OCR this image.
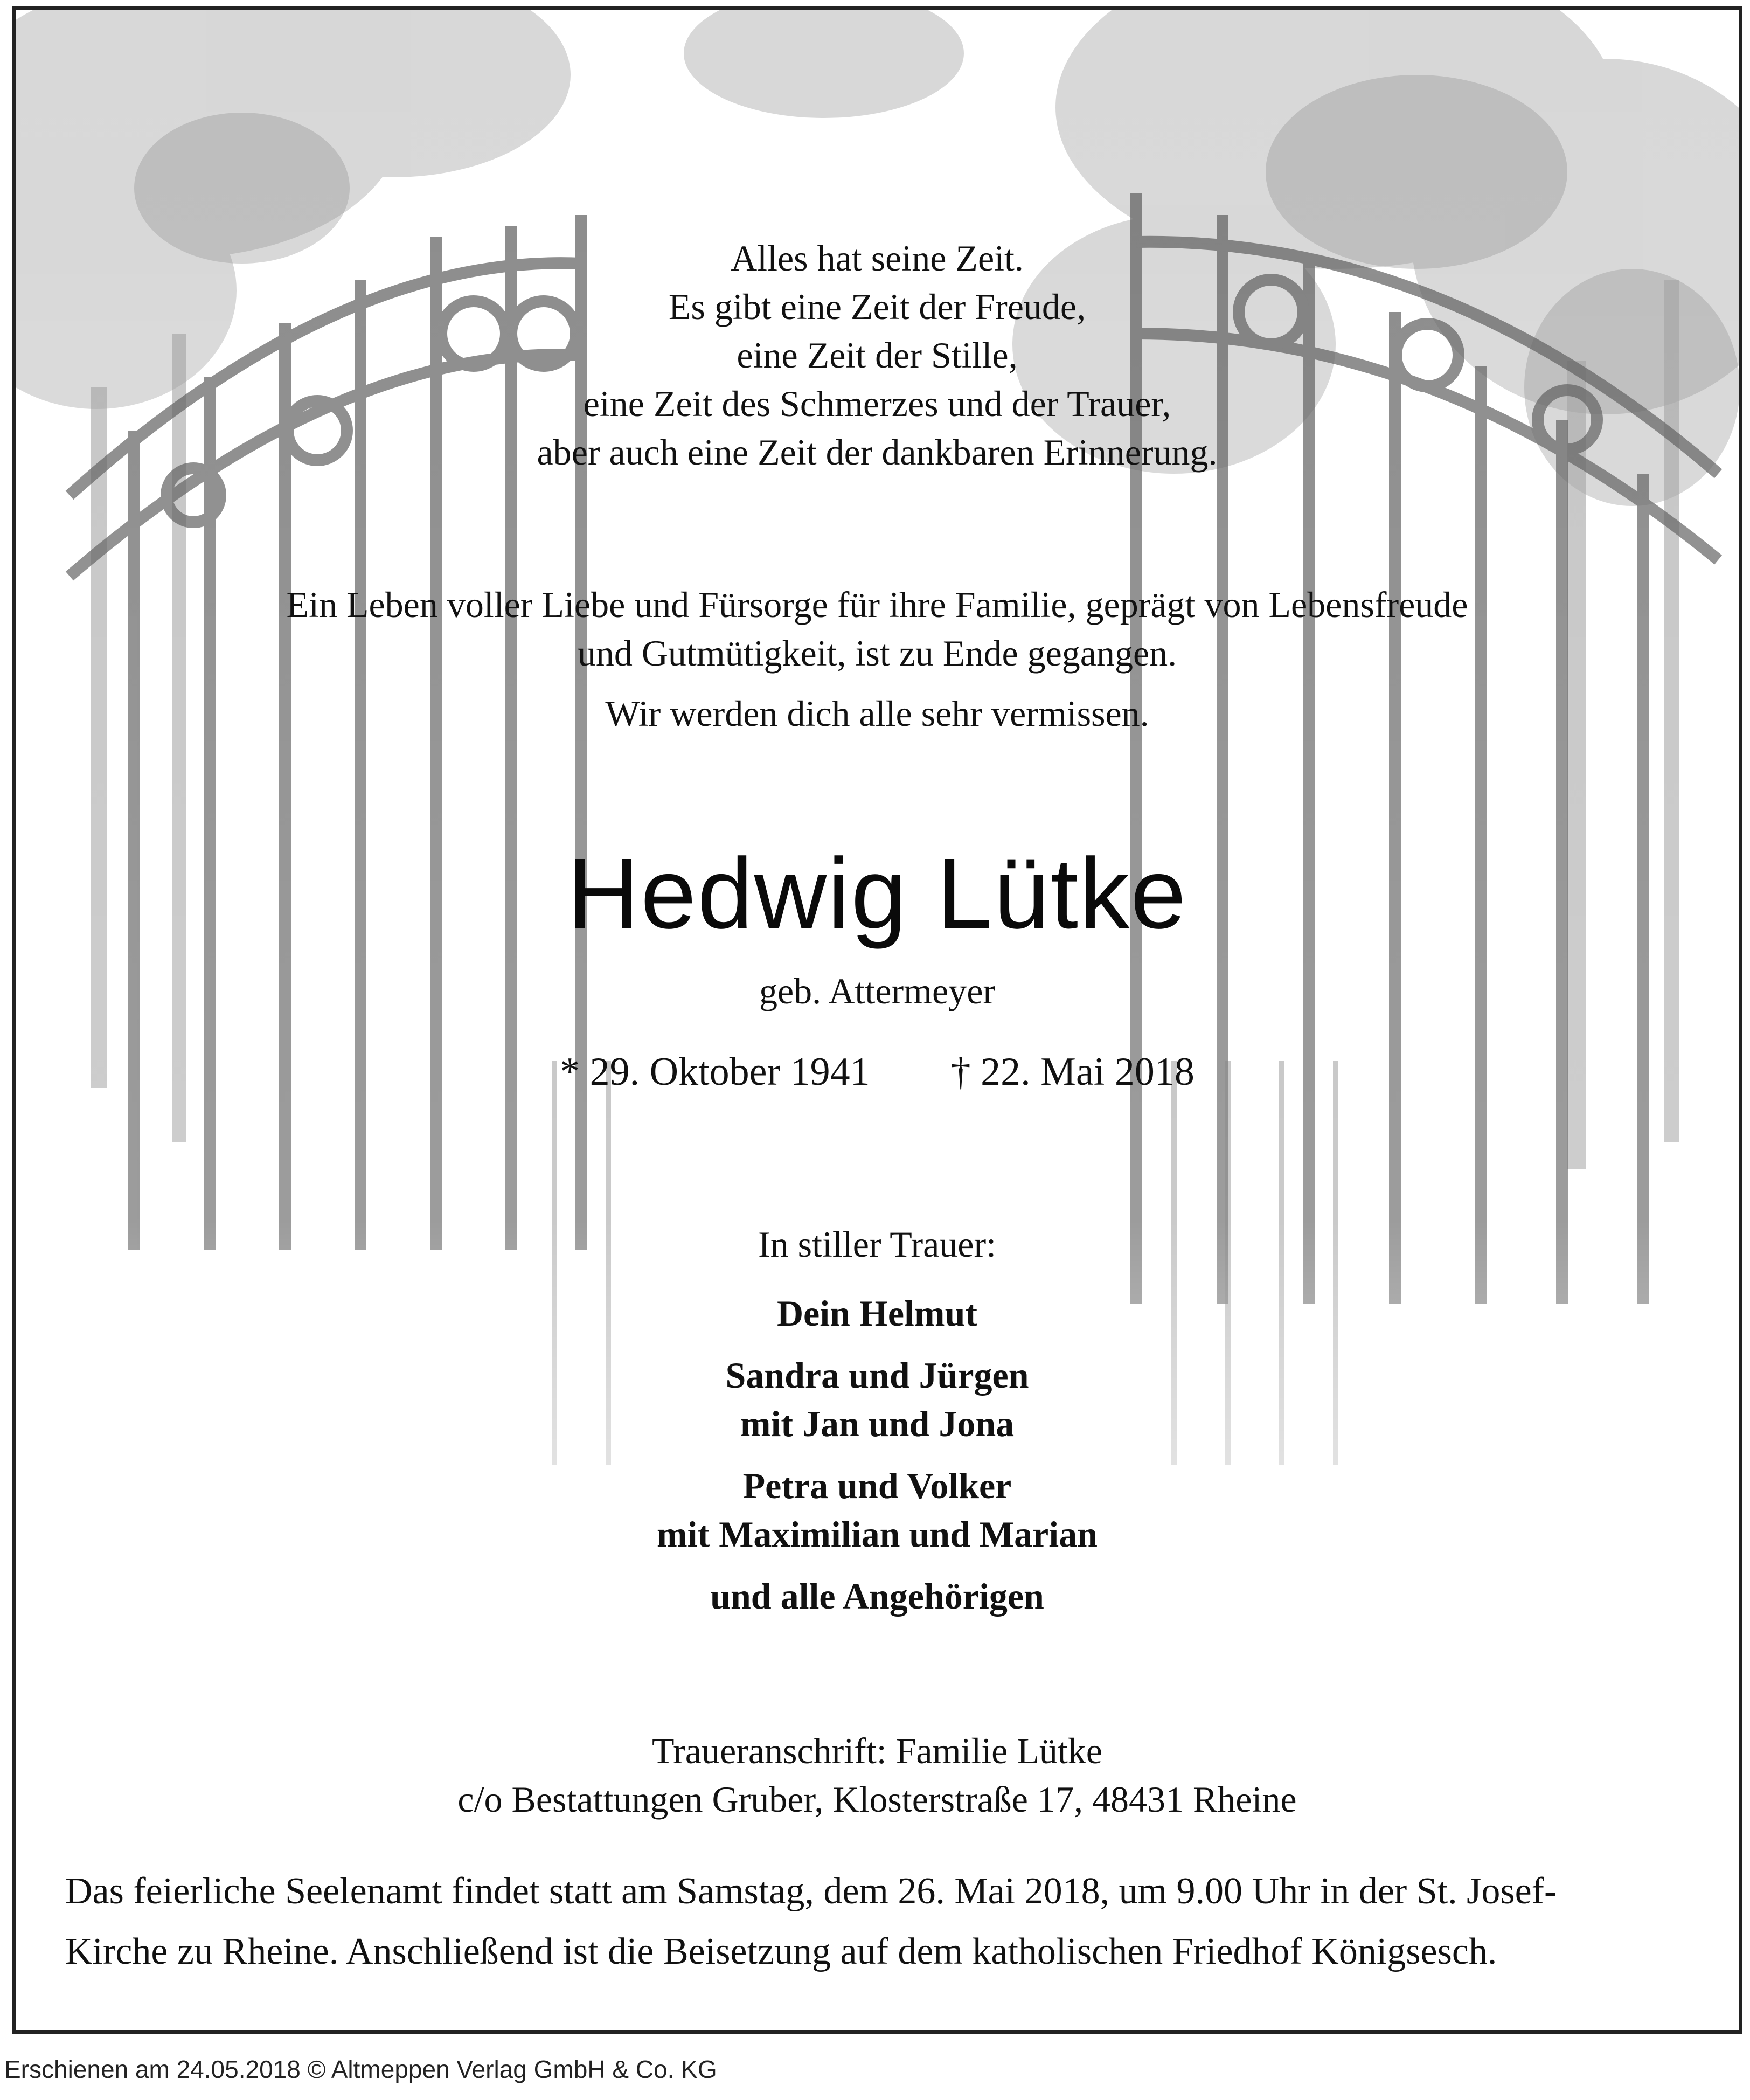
Alles hat seine Zeit.
Es gibt eine Zeit der Freude,
eine Zeit der Stille,
eine Zeit des Schmerzes und der Trauer,
aber auch eine Zeit der dankbaren Erinnerung.
Ein Leben voller Liebe und Fürsorge für ihre Familie, geprägt von Lebensfreude
und Gutmütigkeit, ist zu Ende gegangen.
Wir werden dich alle sehr vermissen.
Hedwig Lütke
geb. Attermeyer
* 29. Oktober 1941 † 22. Mai 2018
In stiller Trauer:
Dein Helmut
Sandra und Jürgen
mit Jan und Jona
Petra und Volker
mit Maximilian und Marian
und alle Angehörigen
Traueranschrift: Familie Lütke
c/o Bestattungen Gruber, Klosterstraße 17, 48431 Rheine
Das feierliche Seelenamt findet statt am Samstag, dem 26. Mai 2018, um 9.00 Uhr in der St. Josef-
Kirche zu Rheine. Anschließend ist die Beisetzung auf dem katholischen Friedhof Königsesch.
Erschienen am 24.05.2018 © Altmeppen Verlag GmbH & Co. KG
